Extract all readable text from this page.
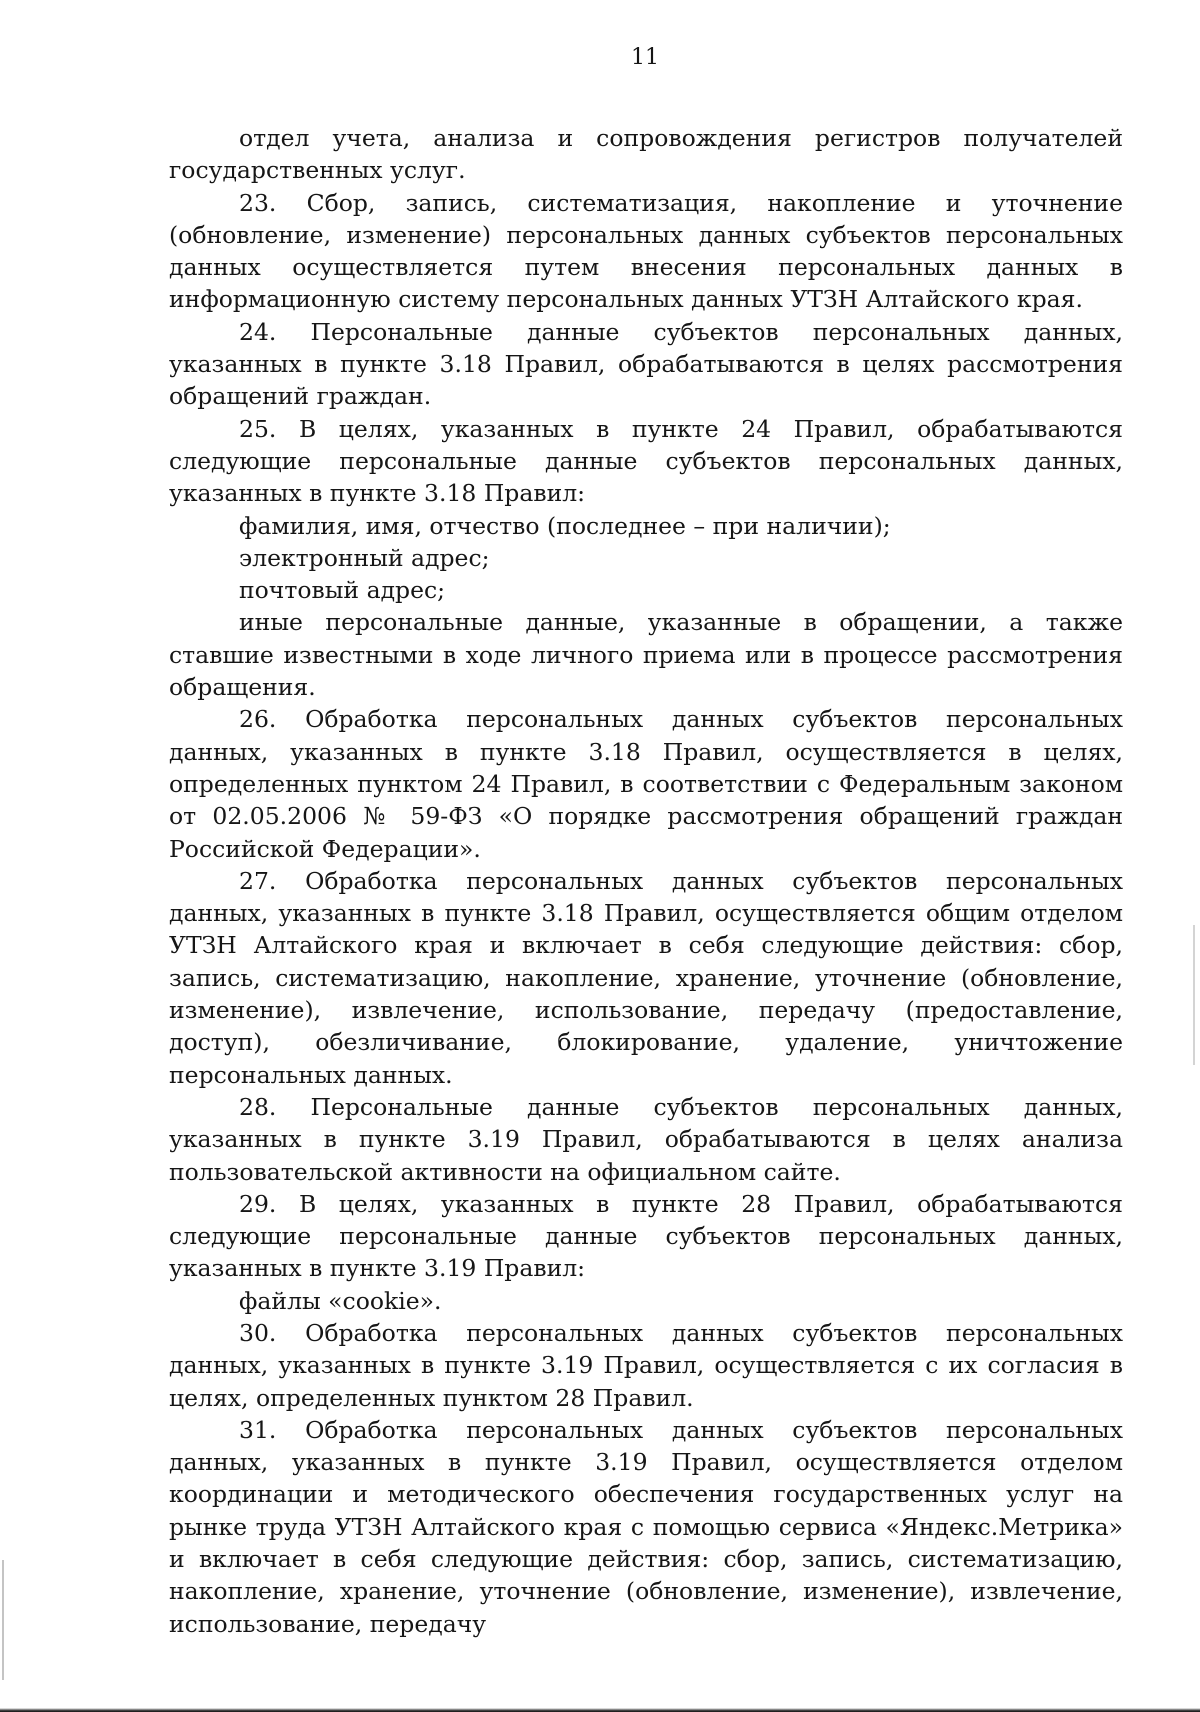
11

отдел учета, анализа и сопровождения регистров получателей государственных услуг.

23. Сбор, запись, систематизация, накопление и уточнение (обновление, изменение) персональных данных субъектов персональных данных осуществляется путем внесения персональных данных в информационную систему персональных данных УТЗН Алтайского края.

24. Персональные данные субъектов персональных данных, указанных в пункте 3.18 Правил, обрабатываются в целях рассмотрения обращений граждан.

25. В целях, указанных в пункте 24 Правил, обрабатываются следующие персональные данные субъектов персональных данных, указанных в пункте 3.18 Правил:

фамилия, имя, отчество (последнее – при наличии);

электронный адрес;

почтовый адрес;

иные персональные данные, указанные в обращении, а также ставшие известными в ходе личного приема или в процессе рассмотрения обращения.

26. Обработка персональных данных субъектов персональных данных, указанных в пункте 3.18 Правил, осуществляется в целях, определенных пунктом 24 Правил, в соответствии с Федеральным законом от 02.05.2006 № 59-ФЗ «О порядке рассмотрения обращений граждан Российской Федерации».

27. Обработка персональных данных субъектов персональных данных, указанных в пункте 3.18 Правил, осуществляется общим отделом УТЗН Алтайского края и включает в себя следующие действия: сбор, запись, систематизацию, накопление, хранение, уточнение (обновление, изменение), извлечение, использование, передачу (предоставление, доступ), обезличивание, блокирование, удаление, уничтожение персональных данных.

28. Персональные данные субъектов персональных данных, указанных в пункте 3.19 Правил, обрабатываются в целях анализа пользовательской активности на официальном сайте.

29. В целях, указанных в пункте 28 Правил, обрабатываются следующие персональные данные субъектов персональных данных, указанных в пункте 3.19 Правил:

файлы «cookie».

30. Обработка персональных данных субъектов персональных данных, указанных в пункте 3.19 Правил, осуществляется с их согласия в целях, определенных пунктом 28 Правил.

31. Обработка персональных данных субъектов персональных данных, указанных в пункте 3.19 Правил, осуществляется отделом координации и методического обеспечения государственных услуг на рынке труда УТЗН Алтайского края с помощью сервиса «Яндекс.Метрика» и включает в себя следующие действия: сбор, запись, систематизацию, накопление, хранение, уточнение (обновление, изменение), извлечение, использование, передачу
